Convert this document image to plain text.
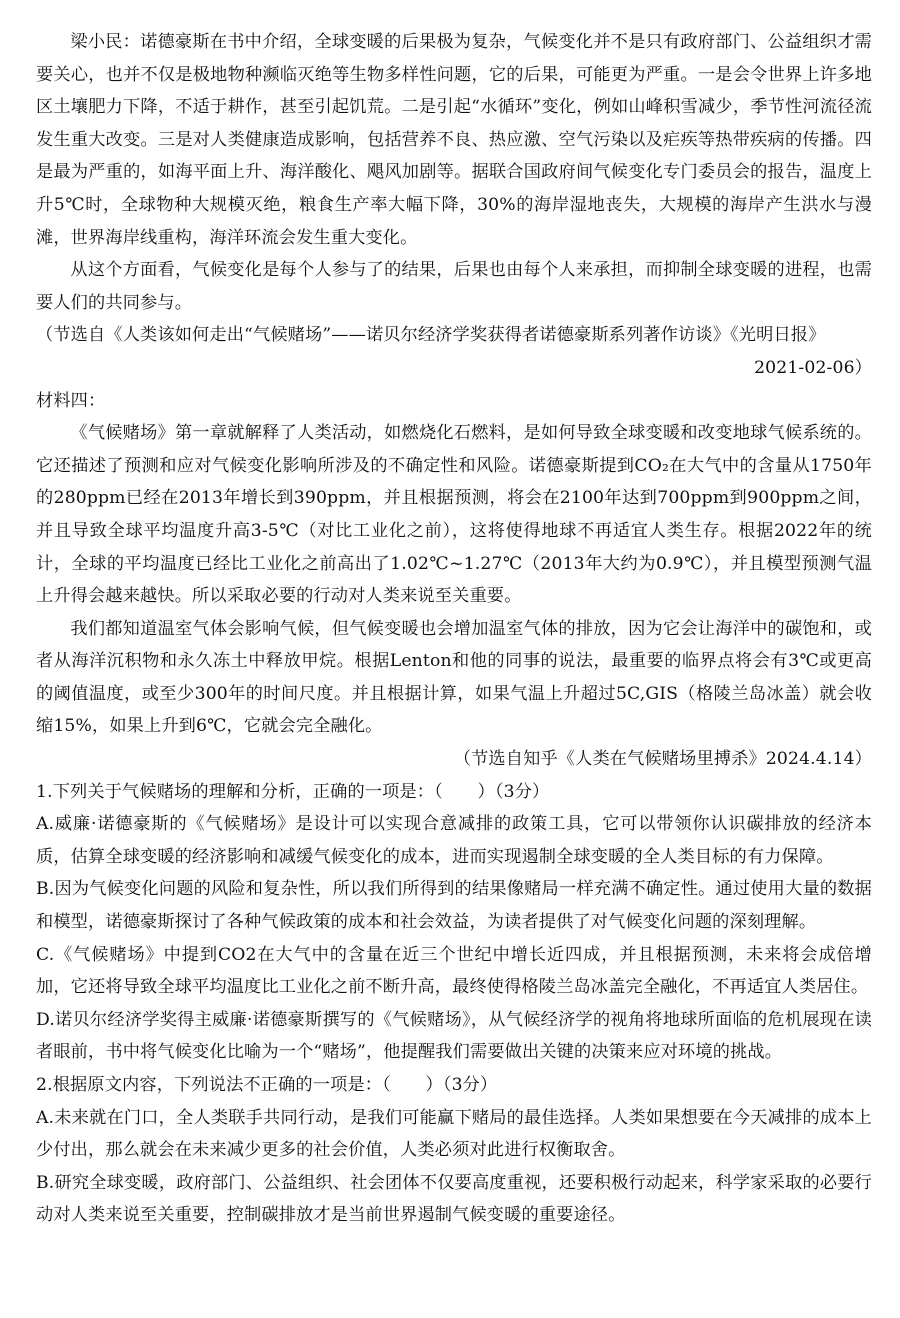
梁小民：诺德豪斯在书中介绍，全球变暖的后果极为复杂，气候变化并不是只有政府部门、公益组织才需要关心，也并不仅是极地物种濒临灭绝等生物多样性问题，它的后果，可能更为严重。一是会令世界上许多地区土壤肥力下降，不适于耕作，甚至引起饥荒。二是引起“水循环”变化，例如山峰积雪减少，季节性河流径流发生重大改变。三是对人类健康造成影响，包括营养不良、热应激、空气污染以及疟疾等热带疾病的传播。四是最为严重的，如海平面上升、海洋酸化、飓风加剧等。据联合国政府间气候变化专门委员会的报告，温度上升5℃时，全球物种大规模灭绝，粮食生产率大幅下降，30%的海岸湿地丧失，大规模的海岸产生洪水与漫滩，世界海岸线重构，海洋环流会发生重大变化。

从这个方面看，气候变化是每个人参与了的结果，后果也由每个人来承担，而抑制全球变暖的进程，也需要人们的共同参与。

（节选自《人类该如何走出“气候赌场”——诺贝尔经济学奖获得者诺德豪斯系列著作访谈》《光明日报》

2021-02-06）

材料四：

《气候赌场》第一章就解释了人类活动，如燃烧化石燃料，是如何导致全球变暖和改变地球气候系统的。它还描述了预测和应对气候变化影响所涉及的不确定性和风险。诺德豪斯提到CO₂在大气中的含量从1750年的280ppm已经在2013年增长到390ppm，并且根据预测，将会在2100年达到700ppm到900ppm之间，并且导致全球平均温度升高3-5℃（对比工业化之前），这将使得地球不再适宜人类生存。根据2022年的统计，全球的平均温度已经比工业化之前高出了1.02℃~1.27℃（2013年大约为0.9℃），并且模型预测气温上升得会越来越快。所以采取必要的行动对人类来说至关重要。

我们都知道温室气体会影响气候，但气候变暖也会增加温室气体的排放，因为它会让海洋中的碳饱和，或者从海洋沉积物和永久冻土中释放甲烷。根据Lenton和他的同事的说法，最重要的临界点将会有3℃或更高的阈值温度，或至少300年的时间尺度。并且根据计算，如果气温上升超过5C,GIS（格陵兰岛冰盖）就会收缩15%，如果上升到6℃，它就会完全融化。

（节选自知乎《人类在气候赌场里搏杀》2024.4.14）

1.下列关于气候赌场的理解和分析，正确的一项是：（　　）（3分）

A.威廉·诺德豪斯的《气候赌场》是设计可以实现合意减排的政策工具，它可以带领你认识碳排放的经济本质，估算全球变暖的经济影响和减缓气候变化的成本，进而实现遏制全球变暖的全人类目标的有力保障。

B.因为气候变化问题的风险和复杂性，所以我们所得到的结果像赌局一样充满不确定性。通过使用大量的数据和模型，诺德豪斯探讨了各种气候政策的成本和社会效益，为读者提供了对气候变化问题的深刻理解。

C.《气候赌场》中提到CO2在大气中的含量在近三个世纪中增长近四成，并且根据预测，未来将会成倍增加，它还将导致全球平均温度比工业化之前不断升高，最终使得格陵兰岛冰盖完全融化，不再适宜人类居住。

D.诺贝尔经济学奖得主威廉·诺德豪斯撰写的《气候赌场》，从气候经济学的视角将地球所面临的危机展现在读者眼前，书中将气候变化比喻为一个“赌场”，他提醒我们需要做出关键的决策来应对环境的挑战。

2.根据原文内容，下列说法不正确的一项是：（　　）（3分）

A.未来就在门口，全人类联手共同行动，是我们可能赢下赌局的最佳选择。人类如果想要在今天减排的成本上少付出，那么就会在未来减少更多的社会价值，人类必须对此进行权衡取舍。

B.研究全球变暖，政府部门、公益组织、社会团体不仅要高度重视，还要积极行动起来，科学家采取的必要行动对人类来说至关重要，控制碳排放才是当前世界遏制气候变暖的重要途径。
